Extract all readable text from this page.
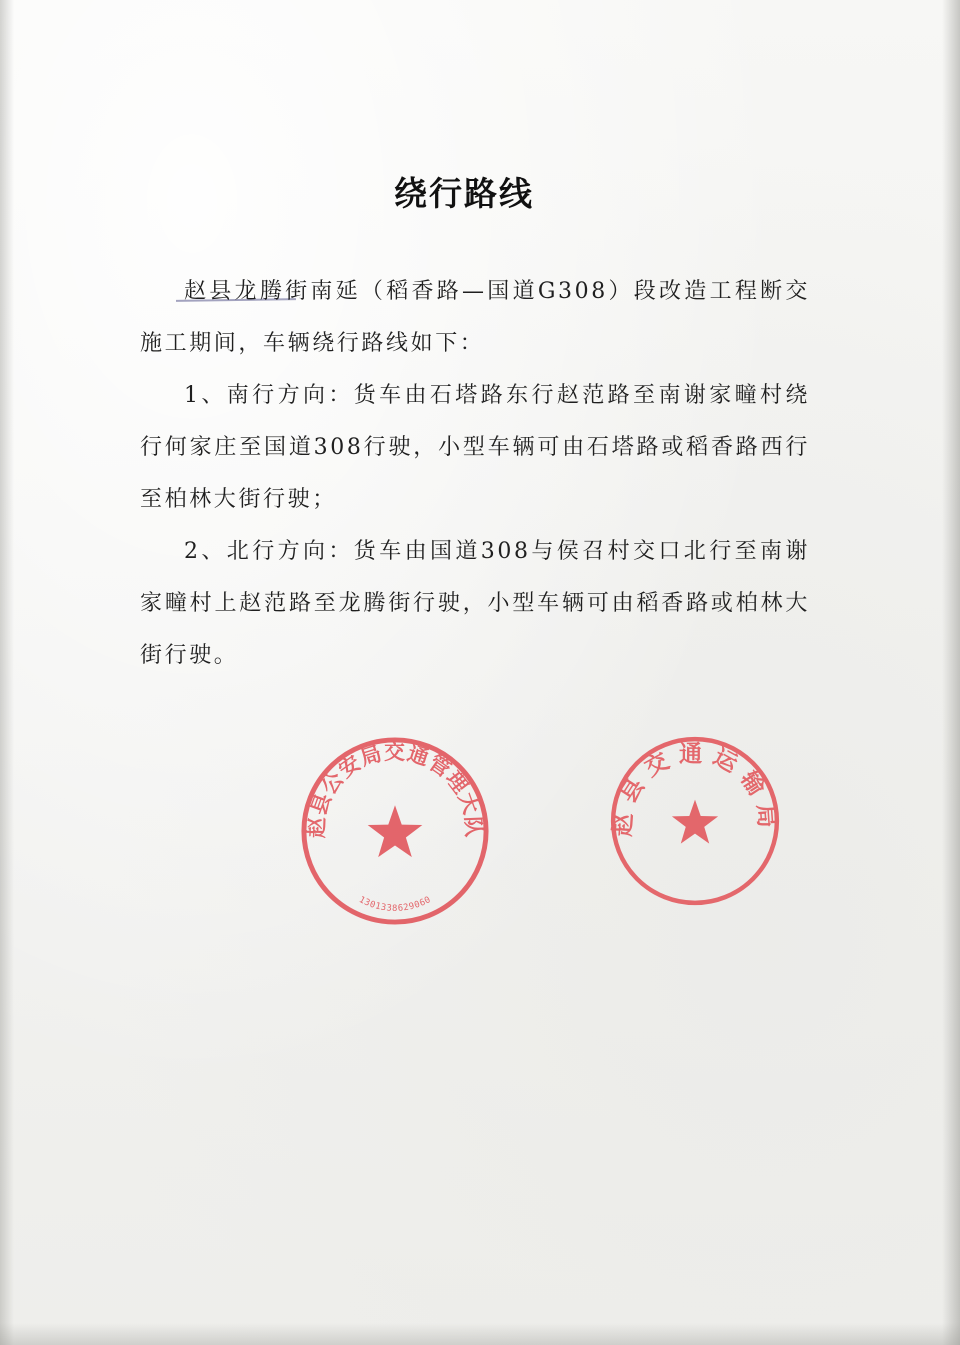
绕行路线

赵县龙腾街南延（稻香路—国道G308）段改造工程断交施工期间，车辆绕行路线如下：

1、南行方向：货车由石塔路东行赵范路至南谢家疃村绕行何家庄至国道308行驶，小型车辆可由石塔路或稻香路西行至柏林大街行驶；

2、北行方向：货车由国道308与侯召村交口北行至南谢家疃村上赵范路至龙腾街行驶，小型车辆可由稻香路或柏林大街行驶。

赵县公安局交通管理大队
1301338629060
赵县交通运输局
